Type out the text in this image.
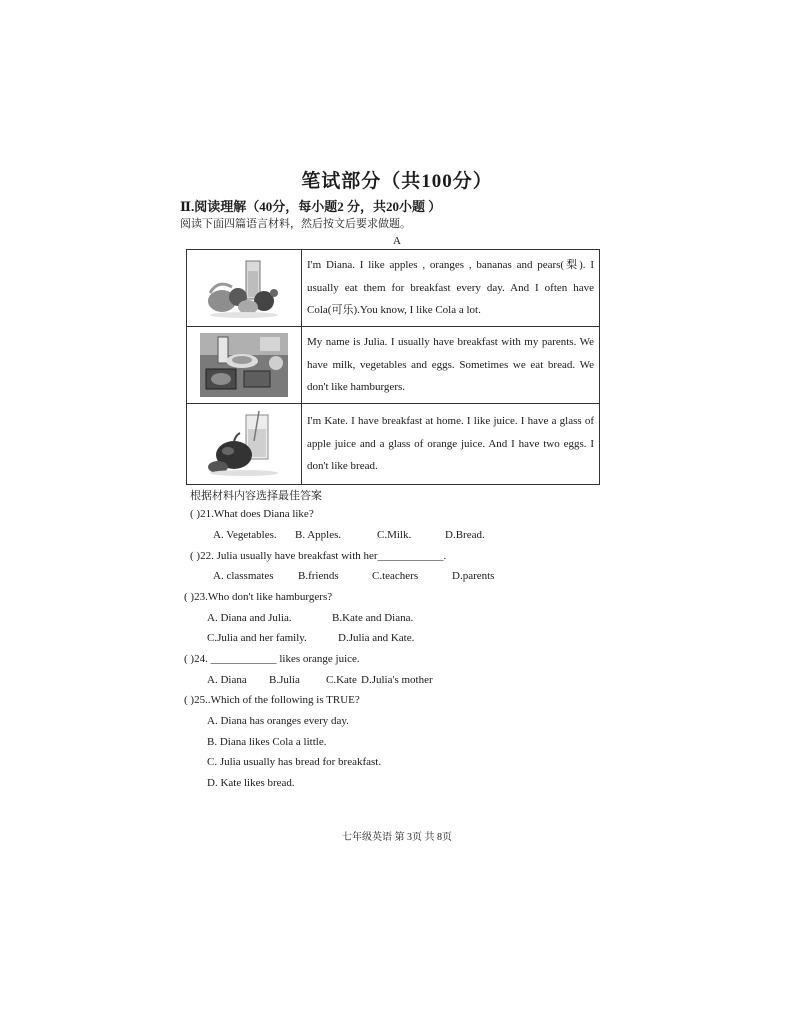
笔试部分（共100分）
Ⅱ.阅读理解（40分，每小题2 分，共20小题 ）
阅读下面四篇语言材料，然后按文后要求做题。
A
	I'm Diana. I like apples , oranges , bananas and pears(梨). I usually eat them for breakfast every day. And I often have Cola(可乐).You know, I like Cola a lot.

	My name is Julia. I usually have breakfast with my parents. We have milk, vegetables and eggs. Sometimes we eat bread. We don't like hamburgers.

	I'm Kate. I have breakfast at home. I like juice. I have a glass of apple juice and a glass of orange juice. And I have two eggs. I don't like bread.
根据材料内容选择最佳答案
( )21.What does Diana like?
A. Vegetables. B. Apples.	C.Milk.	D.Bread.
( )22. Julia usually have breakfast with her____________.
A. classmates B.friends	C.teachers	D.parents
( )23.Who don't like hamburgers?
A. Diana and Julia.	B.Kate and Diana.
C.Julia and her family.	D.Julia and Kate.
( )24. ____________ likes orange juice.
A. Diana B.Julia C.Kate D.Julia's mother
( )25..Which of the following is TRUE?
A. Diana has oranges every day.
B. Diana likes Cola a little.
C. Julia usually has bread for breakfast.
D. Kate likes bread.
七年级英语 第 3页 共 8页
